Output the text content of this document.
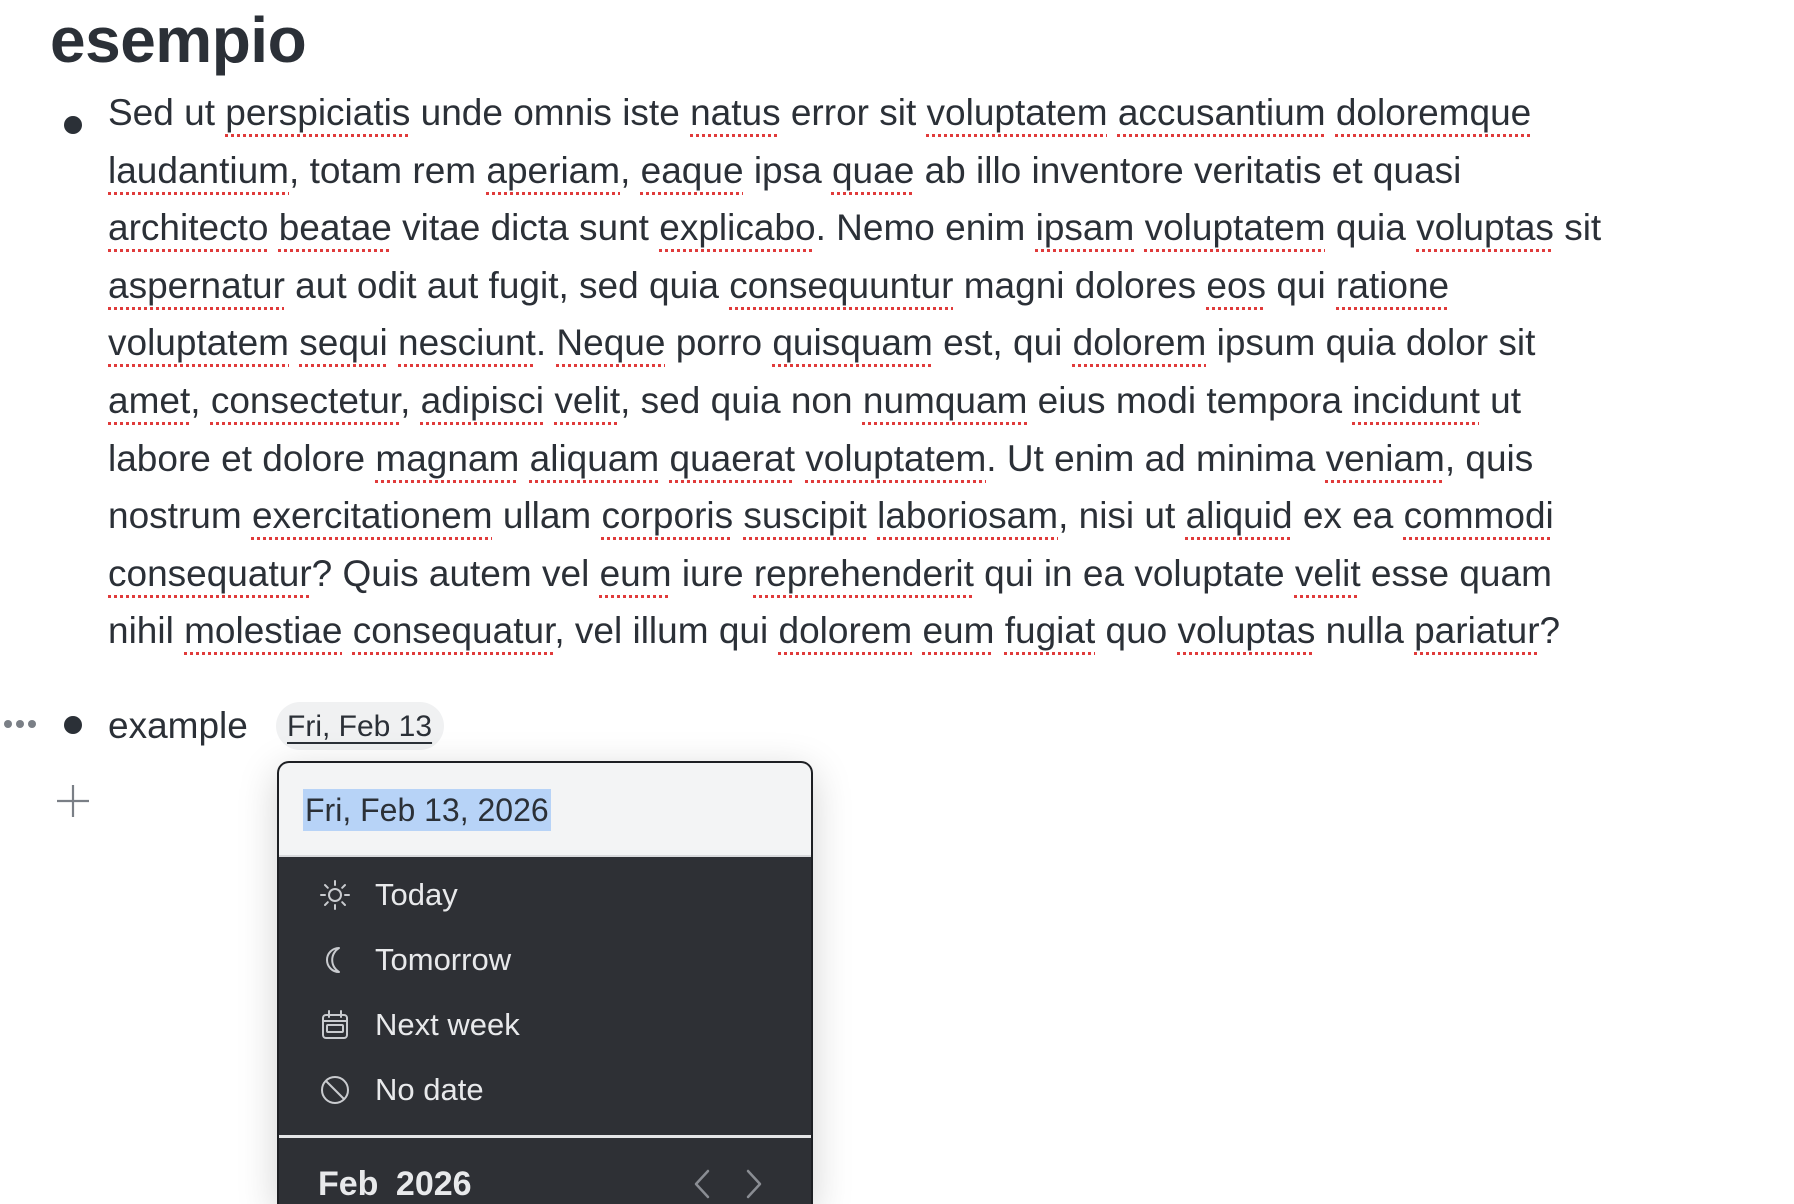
esempio
Sed ut perspiciatis unde omnis iste natus error sit voluptatem accusantium doloremque
laudantium, totam rem aperiam, eaque ipsa quae ab illo inventore veritatis et quasi
architecto beatae vitae dicta sunt explicabo. Nemo enim ipsam voluptatem quia voluptas sit
aspernatur aut odit aut fugit, sed quia consequuntur magni dolores eos qui ratione
voluptatem sequi nesciunt. Neque porro quisquam est, qui dolorem ipsum quia dolor sit
amet, consectetur, adipisci velit, sed quia non numquam eius modi tempora incidunt ut
labore et dolore magnam aliquam quaerat voluptatem. Ut enim ad minima veniam, quis
nostrum exercitationem ullam corporis suscipit laboriosam, nisi ut aliquid ex ea commodi
consequatur? Quis autem vel eum iure reprehenderit qui in ea voluptate velit esse quam
nihil molestiae consequatur, vel illum qui dolorem eum fugiat quo voluptas nulla pariatur?
example	Fri, Feb 13
Fri, Feb 13, 2026
Today
Tomorrow
Next week
No date
Feb 2026
